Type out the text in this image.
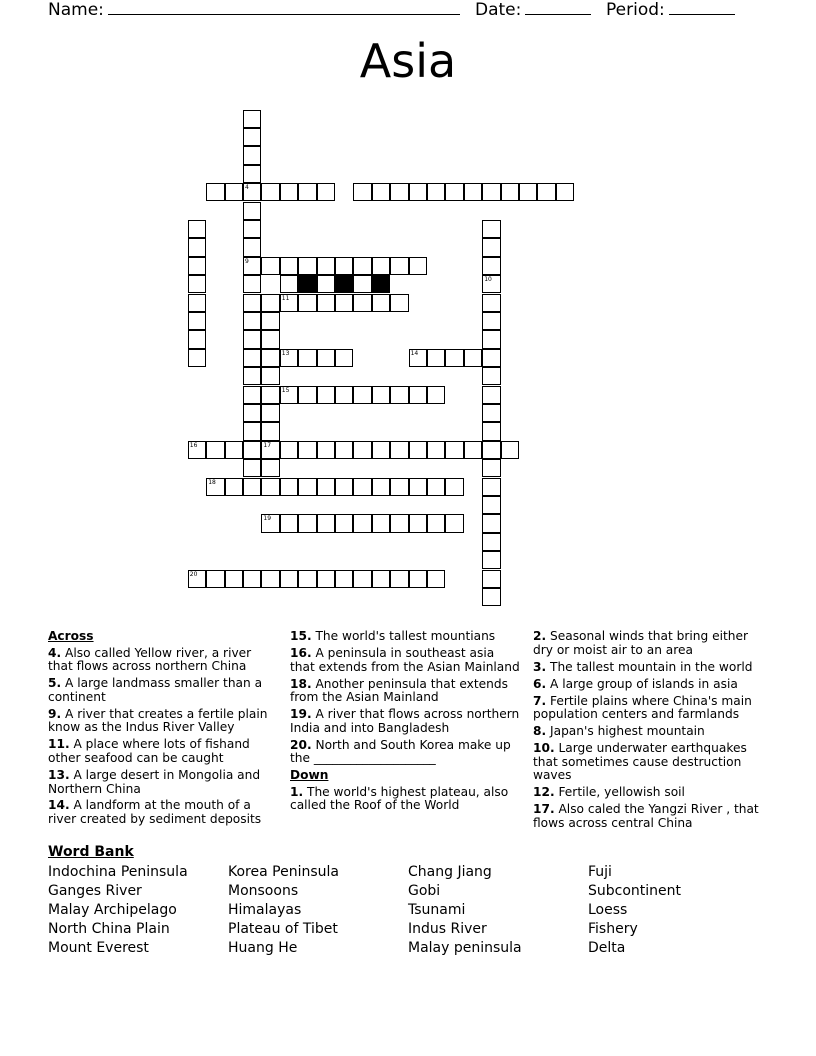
Name:	Date:	Period:
Asia
4
9
11
13	14
15
16	17
18
19
20
10
Across
4. Also called Yellow river, a river that flows across northern China
5. A large landmass smaller than a continent
9. A river that creates a fertile plain know as the Indus River Valley
11. A place where lots of fishand other seafood can be caught
13. A large desert in Mongolia and Northern China
14. A landform at the mouth of a river created by sediment deposits
15. The world's tallest mountians
16. A peninsula in southeast asia that extends from the Asian Mainland
18. Another peninsula that extends from the Asian Mainland
19. A river that flows across northern India and into Bangladesh
20. North and South Korea make up the ____________________
Down
1. The world's highest plateau, also called the Roof of the World
2. Seasonal winds that bring either dry or moist air to an area
3. The tallest mountain in the world
6. A large group of islands in asia
7. Fertile plains where China's main population centers and farmlands
8. Japan's highest mountain
10. Large underwater earthquakes that sometimes cause destruction waves
12. Fertile, yellowish soil
17. Also caled the Yangzi River , that flows across central China
Word Bank
Indochina Peninsula
Ganges River
Malay Archipelago
North China Plain
Mount Everest
Korea Peninsula
Monsoons
Himalayas
Plateau of Tibet
Huang He
Chang Jiang
Gobi
Tsunami
Indus River
Malay peninsula
Fuji
Subcontinent
Loess
Fishery
Delta
